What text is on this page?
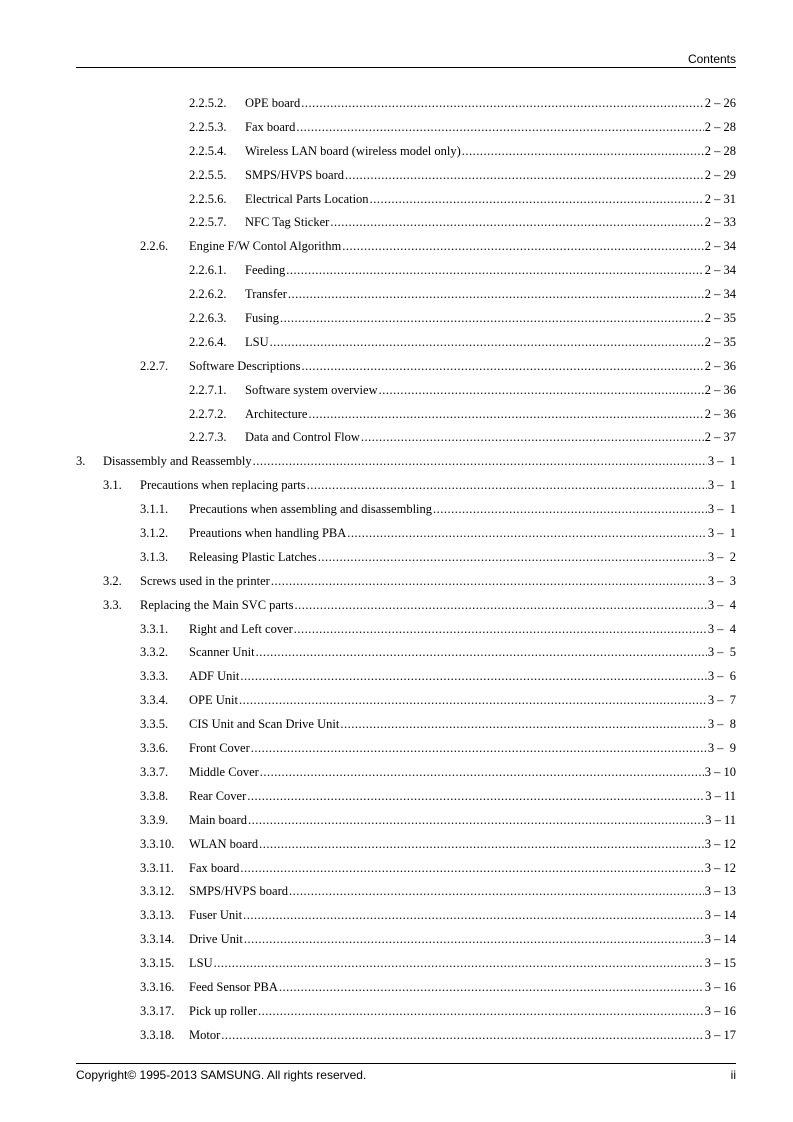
Contents
2.2.5.2. OPE board .....	2 – 26
2.2.5.3. Fax board .....	2 – 28
2.2.5.4. Wireless LAN board (wireless model only) .....	2 – 28
2.2.5.5. SMPS/HVPS board .....	2 – 29
2.2.5.6. Electrical Parts Location .....	2 – 31
2.2.5.7. NFC Tag Sticker .....	2 – 33
2.2.6. Engine F/W Contol Algorithm .....	2 – 34
2.2.6.1. Feeding .....	2 – 34
2.2.6.2. Transfer .....	2 – 34
2.2.6.3. Fusing .....	2 – 35
2.2.6.4. LSU .....	2 – 35
2.2.7. Software Descriptions .....	2 – 36
2.2.7.1. Software system overview .....	2 – 36
2.2.7.2. Architecture .....	2 – 36
2.2.7.3. Data and Control Flow .....	2 – 37
3. Disassembly and Reassembly .....	3 –  1
3.1. Precautions when replacing parts .....	3 –  1
3.1.1. Precautions when assembling and disassembling .....	3 –  1
3.1.2. Preautions when handling PBA .....	3 –  1
3.1.3. Releasing Plastic Latches .....	3 –  2
3.2. Screws used in the printer .....	3 –  3
3.3. Replacing the Main SVC parts .....	3 –  4
3.3.1. Right and Left cover .....	3 –  4
3.3.2. Scanner Unit .....	3 –  5
3.3.3. ADF Unit .....	3 –  6
3.3.4. OPE Unit .....	3 –  7
3.3.5. CIS Unit and Scan Drive Unit .....	3 –  8
3.3.6. Front Cover .....	3 –  9
3.3.7. Middle Cover .....	3 – 10
3.3.8. Rear Cover .....	3 – 11
3.3.9. Main board .....	3 – 11
3.3.10. WLAN board .....	3 – 12
3.3.11. Fax board .....	3 – 12
3.3.12. SMPS/HVPS board .....	3 – 13
3.3.13. Fuser Unit .....	3 – 14
3.3.14. Drive Unit .....	3 – 14
3.3.15. LSU .....	3 – 15
3.3.16. Feed Sensor PBA .....	3 – 16
3.3.17. Pick up roller .....	3 – 16
3.3.18. Motor .....	3 – 17
Copyright© 1995-2013 SAMSUNG. All rights reserved.	ii
